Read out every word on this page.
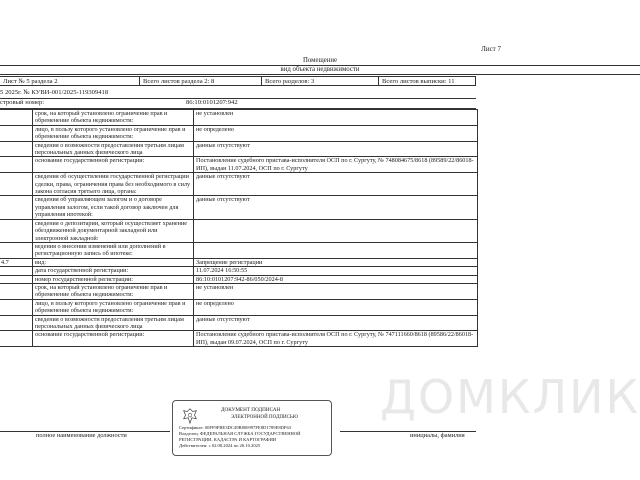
Лист 7
Помещение
вид объекта недвижимости
Лист № 5 раздела 2	Всего листов раздела 2: 8	Всего разделов: 3	Всего листов выписки: 11
5 2025г. № КУВИ-001/2025-119309418
стровый номер:	86:10:0101207:942
	срок, на который установлено ограничение прав и обременение объекта недвижимости:	не установлен
	лицо, в пользу которого установлено ограничение прав и обременение объекта недвижимости:	не определено
	сведения о возможности предоставления третьим лицам персональных данных физического лица	данные отсутствуют
	основание государственной регистрации:	Постановление судебного пристава-исполнителя ОСП по г. Сургуту, № 748084675/8618 (89589/22/86018-ИП), выдан 11.07.2024, ОСП по г. Сургуту
	сведения об осуществлении государственной регистрации сделки, права, ограничения права без необходимого в силу закона согласия третьего лица, органа:	данные отсутствуют
	сведения об управляющем залогом и о договоре управления залогом, если такой договор заключен для управления ипотекой:	данные отсутствуют
	сведения о депозитарии, который осуществляет хранение обездвиженной документарной закладной или электронной закладной:	
	ведения о внесении изменений или дополнений в регистрационную запись об ипотеке:	
4.7	вид:	Запрещение регистрации
	дата государственной регистрации:	11.07.2024 16:50:55
	номер государственной регистрации:	86:10:0101207:942-86/050/2024-8
	срок, на который установлено ограничение прав и обременение объекта недвижимости:	не установлен
	лицо, в пользу которого установлено ограничение прав и обременение объекта недвижимости:	не определено
	сведения о возможности предоставления третьим лицам персональных данных физического лица	данные отсутствуют
	основание государственной регистрации:	Постановление судебного пристава-исполнителя ОСП по г. Сургуту, № 747111660/8618 (89586/22/86018-ИП), выдан 09.07.2024, ОСП по г. Сургуту
ДОМКЛИК
ДОКУМЕНТ ПОДПИСАН
ЭЛЕКТРОННОЙ ПОДПИСЬЮ
Сертификат: 00FF9FBE3DC49B800997FE8D1789E8DF63
Владелец: ФЕДЕРАЛЬНАЯ СЛУЖБА ГОСУДАРСТВЕННОЙ
РЕГИСТРАЦИИ, КАДАСТРА И КАРТОГРАФИИ
Действителен: с 02.08.2024 по 26.10.2025
полное наименование должности	инициалы, фамилия
